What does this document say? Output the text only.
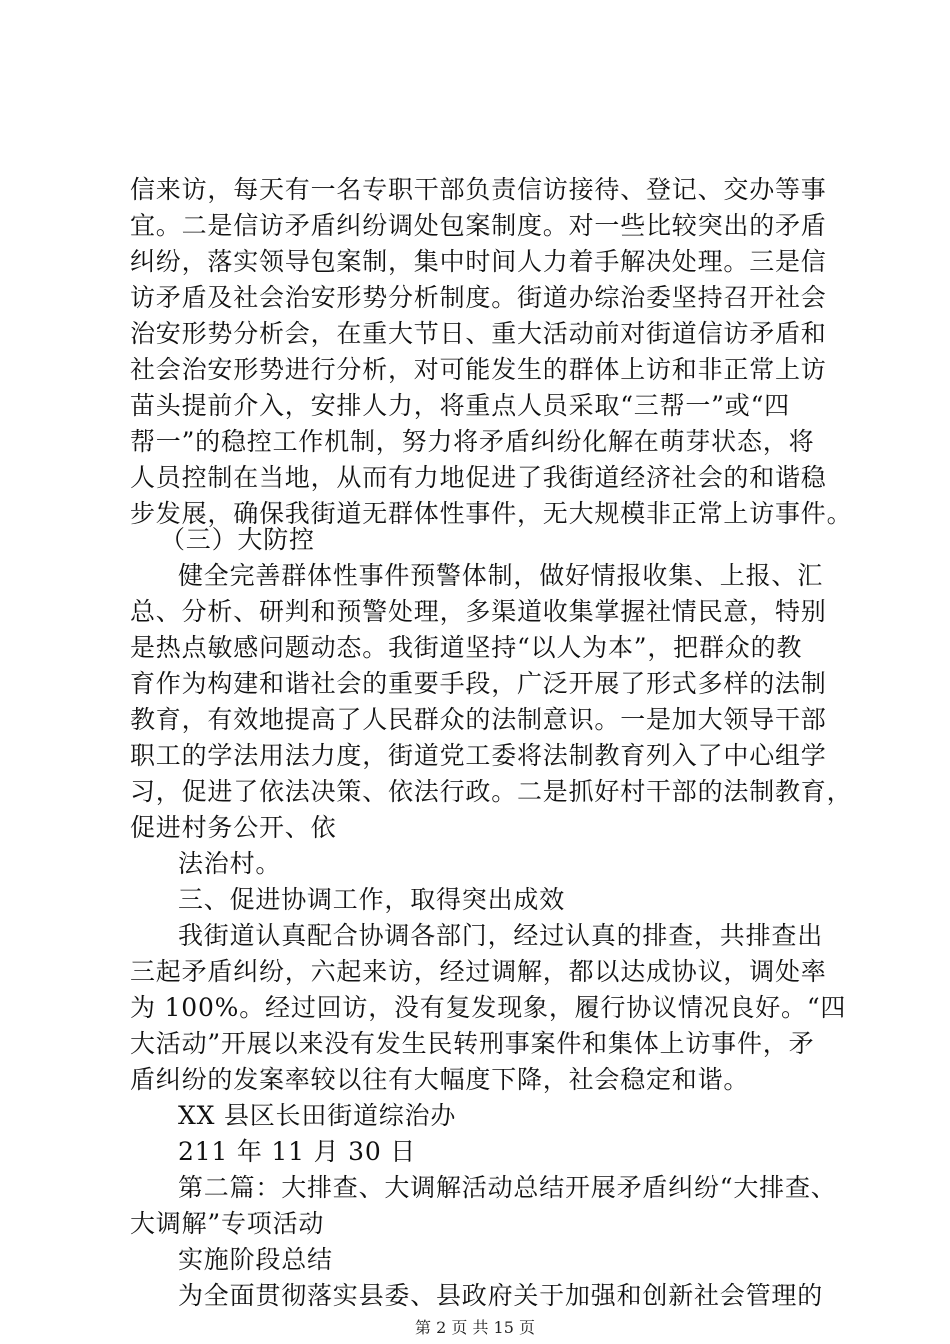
信来访，每天有一名专职干部负责信访接待、登记、交办等事
宜。二是信访矛盾纠纷调处包案制度。对一些比较突出的矛盾
纠纷，落实领导包案制，集中时间人力着手解决处理。三是信
访矛盾及社会治安形势分析制度。街道办综治委坚持召开社会
治安形势分析会，在重大节日、重大活动前对街道信访矛盾和
社会治安形势进行分析，对可能发生的群体上访和非正常上访
苗头提前介入，安排人力，将重点人员采取“三帮一”或“四
帮一”的稳控工作机制，努力将矛盾纠纷化解在萌芽状态，将
人员控制在当地，从而有力地促进了我街道经济社会的和谐稳
步发展，确保我街道无群体性事件，无大规模非正常上访事件。
（三）大防控
健全完善群体性事件预警体制，做好情报收集、上报、汇
总、分析、研判和预警处理，多渠道收集掌握社情民意，特别
是热点敏感问题动态。我街道坚持“以人为本”，把群众的教
育作为构建和谐社会的重要手段，广泛开展了形式多样的法制
教育，有效地提高了人民群众的法制意识。一是加大领导干部
职工的学法用法力度，街道党工委将法制教育列入了中心组学
习，促进了依法决策、依法行政。二是抓好村干部的法制教育，
促进村务公开、依
法治村。
三、促进协调工作，取得突出成效
我街道认真配合协调各部门，经过认真的排查，共排查出
三起矛盾纠纷，六起来访，经过调解，都以达成协议，调处率
为 100%。经过回访，没有复发现象，履行协议情况良好。“四
大活动”开展以来没有发生民转刑事案件和集体上访事件，矛
盾纠纷的发案率较以往有大幅度下降，社会稳定和谐。
XX 县区长田街道综治办
211 年 11 月 30 日
第二篇：大排查、大调解活动总结开展矛盾纠纷“大排查、
大调解”专项活动
实施阶段总结
为全面贯彻落实县委、县政府关于加强和创新社会管理的
第 2 页 共 15 页
